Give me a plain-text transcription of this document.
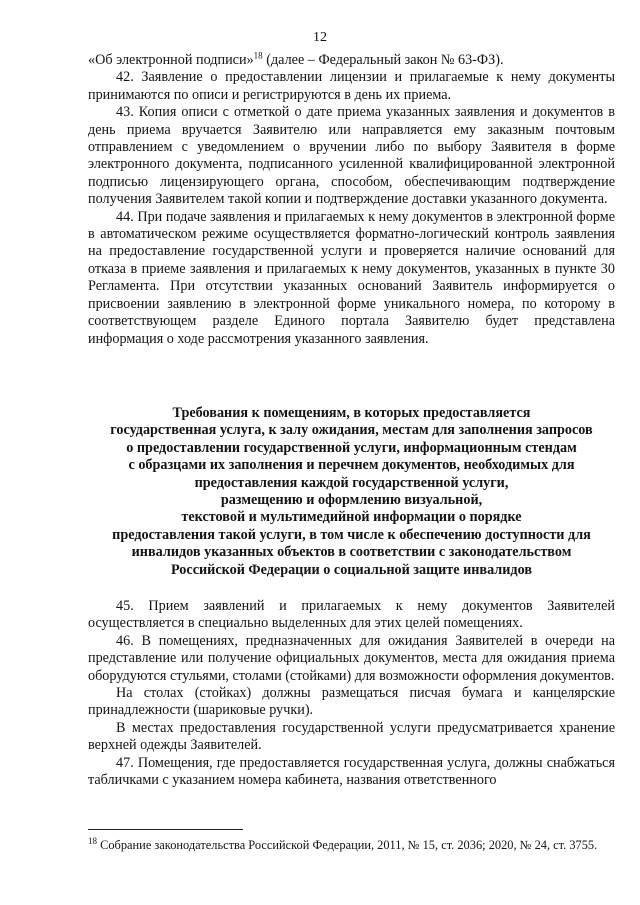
12

«Об электронной подписи»$^{18}$ (далее – Федеральный закон № 63-ФЗ).

42. Заявление о предоставлении лицензии и прилагаемые к нему документы принимаются по описи и регистрируются в день их приема.

43. Копия описи с отметкой о дате приема указанных заявления и документов в день приема вручается Заявителю или направляется ему заказным почтовым отправлением с уведомлением о вручении либо по выбору Заявителя в форме электронного документа, подписанного усиленной квалифицированной электронной подписью лицензирующего органа, способом, обеспечивающим подтверждение получения Заявителем такой копии и подтверждение доставки указанного документа.

44. При подаче заявления и прилагаемых к нему документов в электронной форме в автоматическом режиме осуществляется форматно-логический контроль заявления на предоставление государственной услуги и проверяется наличие оснований для отказа в приеме заявления и прилагаемых к нему документов, указанных в пункте 30 Регламента. При отсутствии указанных оснований Заявитель информируется о присвоении заявлению в электронной форме уникального номера, по которому в соответствующем разделе Единого портала Заявителю будет представлена информация о ходе рассмотрения указанного заявления.

Требования к помещениям, в которых предоставляется
государственная услуга, к залу ожидания, местам для заполнения запросов
о предоставлении государственной услуги, информационным стендам
с образцами их заполнения и перечнем документов, необходимых для
предоставления каждой государственной услуги,
размещению и оформлению визуальной,
текстовой и мультимедийной информации о порядке
предоставления такой услуги, в том числе к обеспечению доступности для
инвалидов указанных объектов в соответствии с законодательством
Российской Федерации о социальной защите инвалидов

45. Прием заявлений и прилагаемых к нему документов Заявителей осуществляется в специально выделенных для этих целей помещениях.

46. В помещениях, предназначенных для ожидания Заявителей в очереди на представление или получение официальных документов, места для ожидания приема оборудуются стульями, столами (стойками) для возможности оформления документов.

На столах (стойках) должны размещаться писчая бумага и канцелярские принадлежности (шариковые ручки).

В местах предоставления государственной услуги предусматривается хранение верхней одежды Заявителей.

47. Помещения, где предоставляется государственная услуга, должны снабжаться табличками с указанием номера кабинета, названия ответственного

$^{18}$ Собрание законодательства Российской Федерации, 2011, № 15, ст. 2036; 2020, № 24, ст. 3755.
